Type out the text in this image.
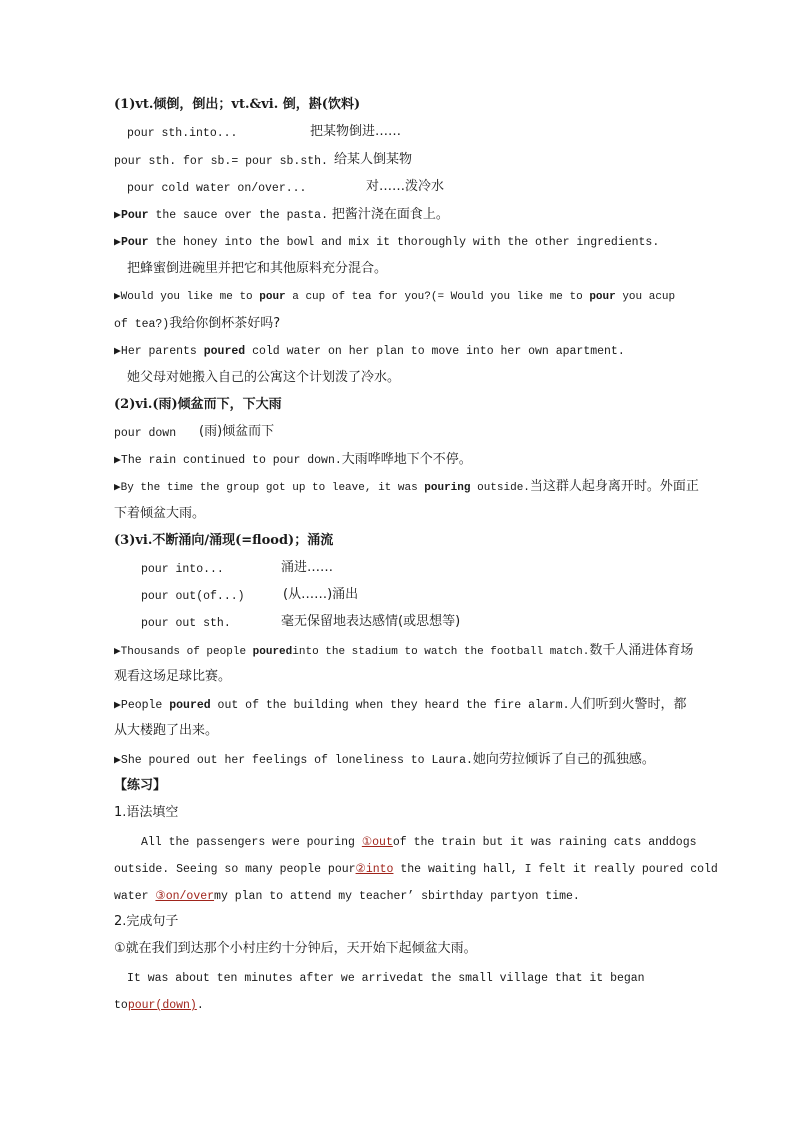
(1)vt.倾倒，倒出；vt.&vi. 倒，斟(饮料)
pour sth.into...	把某物倒进……
pour sth. for sb.= pour sb.sth. 给某人倒某物
pour cold water on/over...	对……泼冷水
▶Pour the sauce over the pasta. 把酱汁浇在面食上。
▶Pour the honey into the bowl and mix it thoroughly with the other ingredients.
把蜂蜜倒进碗里并把它和其他原料充分混合。
▶Would you like me to pour a cup of tea for you?(= Would you like me to pour you acup
of tea?)我给你倒杯茶好吗?
▶Her parents poured cold water on her plan to move into her own apartment.
她父母对她搬入自己的公寓这个计划泼了冷水。
(2)vi.(雨)倾盆而下，下大雨
pour down (雨)倾盆而下
▶The rain continued to pour down.大雨哗哗地下个不停。
▶By the time the group got up to leave, it was pouring outside.当这群人起身离开时。外面正
下着倾盆大雨。
(3)vi.不断涌向/涌现(=flood)；涌流
pour into...	涌进……
pour out(of...)	(从……)涌出
pour out sth.	毫无保留地表达感情(或思想等)
▶Thousands of people pouredinto the stadium to watch the football match.数千人涌进体育场
观看这场足球比赛。
▶People poured out of the building when they heard the fire alarm.人们听到火警时，都
从大楼跑了出来。
▶She poured out her feelings of loneliness to Laura.她向劳拉倾诉了自己的孤独感。
【练习】
1.语法填空
All the passengers were pouring ①outof the train but it was raining cats anddogs
outside. Seeing so many people pour②into the waiting hall, I felt it really poured cold
water ③on/overmy plan to attend my teacher’ sbirthday partyon time.
2.完成句子
①就在我们到达那个小村庄约十分钟后，天开始下起倾盆大雨。
It was about ten minutes after we arrivedat the small village that it began
topour(down).
